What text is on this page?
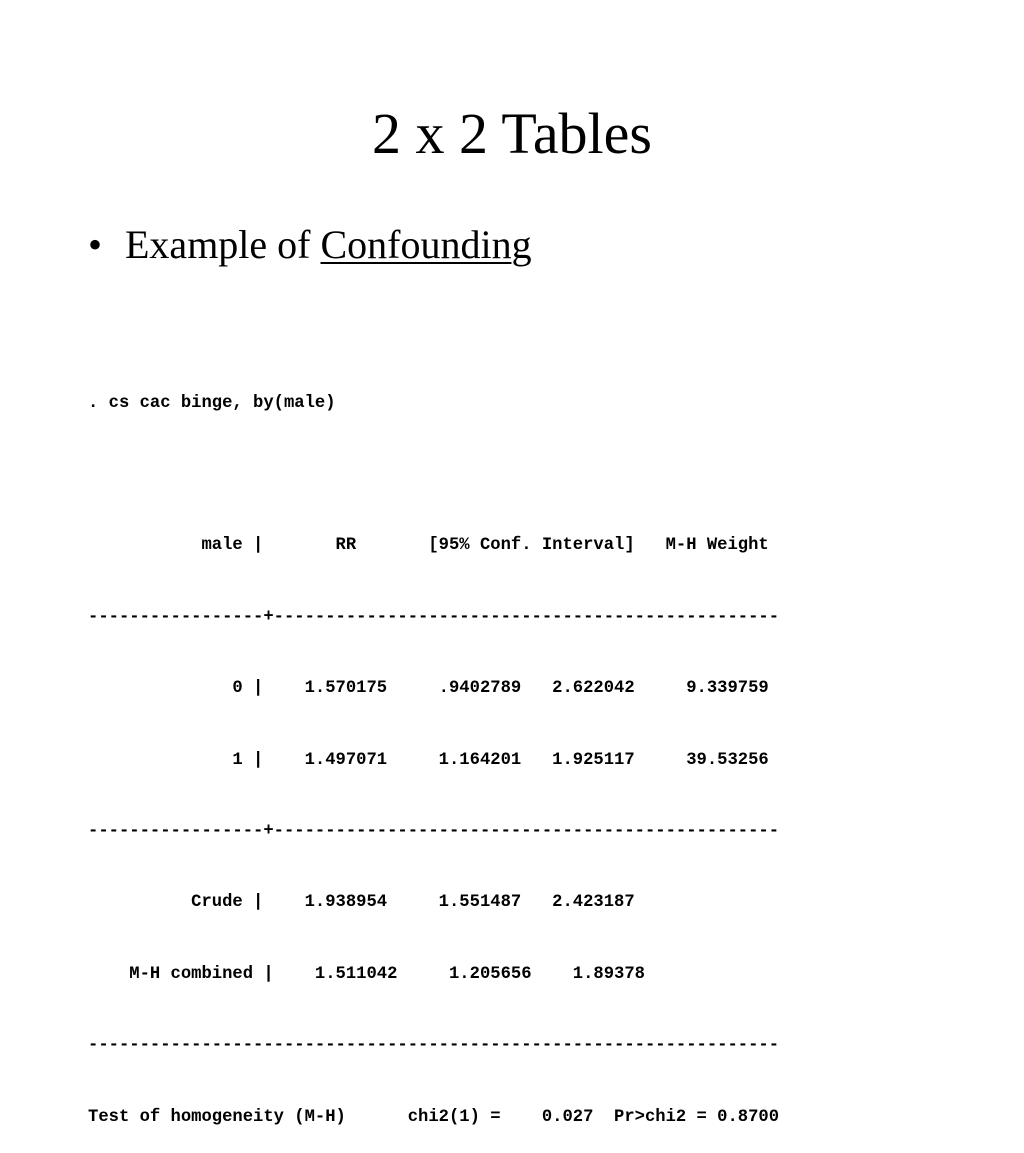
2 x 2 Tables
• Example of Confounding

. cs cac binge, by(male)

male |       RR       [95% Conf. Interval]   M-H Weight

-----------------+-------------------------------------------------

0 |    1.570175     .9402789   2.622042     9.339759

1 |    1.497071     1.164201   1.925117     39.53256

-----------------+-------------------------------------------------

Crude |    1.938954     1.551487   2.423187

M-H combined |    1.511042     1.205656    1.89378

-------------------------------------------------------------------

Test of homogeneity (M-H)      chi2(1) =    0.027  Pr>chi2 = 0.8700
